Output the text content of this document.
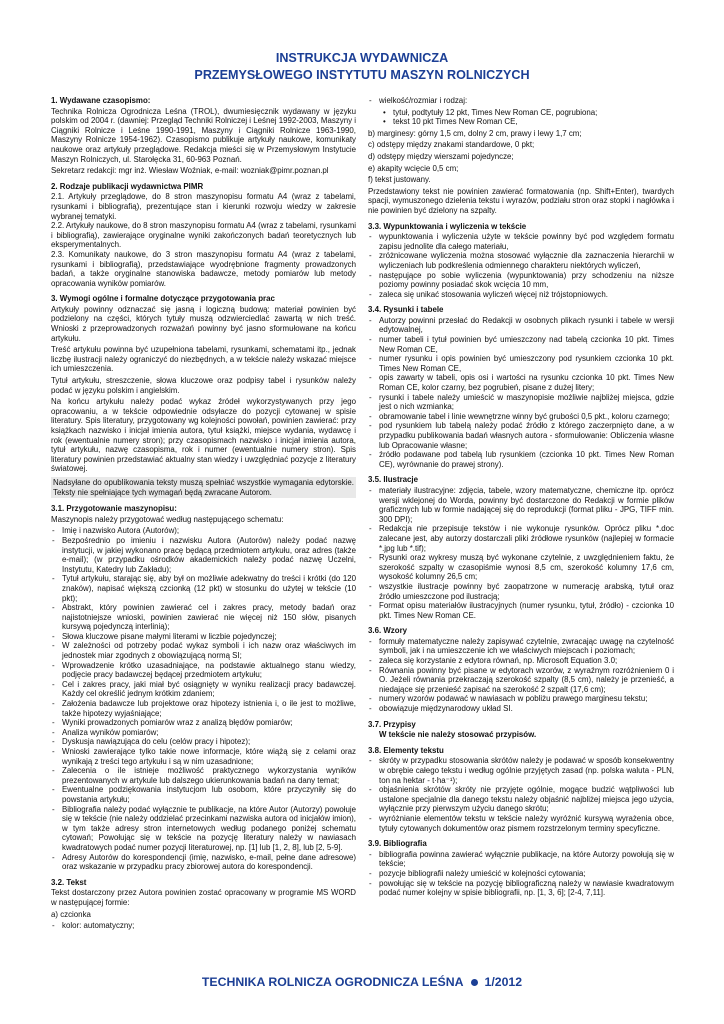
INSTRUKCJA WYDAWNICZA
PRZEMYSŁOWEGO INSTYTUTU MASZYN ROLNICZYCH
1. Wydawane czasopismo:

Technika Rolnicza Ogrodnicza Leśna (TROL), dwumiesięcznik wydawany w języku polskim od 2004 r. (dawniej: Przegląd Techniki Rolniczej i Leśnej 1992-2003, Maszyny i Ciągniki Rolnicze i Leśne 1990-1991, Maszyny i Ciągniki Rolnicze 1963-1990, Maszyny Rolnicze 1954-1962). Czasopismo publikuje artykuły naukowe, komunikaty naukowe oraz artykuły przeglądowe. Redakcja mieści się w Przemysłowym Instytucie Maszyn Rolniczych, ul. Starołęcka 31, 60-963 Poznań.

Sekretarz redakcji: mgr inż. Wiesław Woźniak, e-mail: wozniak@pimr.poznan.pl

2. Rodzaje publikacji wydawnictwa PIMR
2.1. Artykuły przeglądowe, do 8 stron maszynopisu formatu A4 (wraz z tabelami, rysunkami i bibliografią), prezentujące stan i kierunki rozwoju wiedzy w zakresie wybranej tematyki.
2.2. Artykuły naukowe, do 8 stron maszynopisu formatu A4 (wraz z tabelami, rysunkami i bibliografią), zawierające oryginalne wyniki zakończonych badań teoretycznych lub eksperymentalnych.
2.3. Komunikaty naukowe, do 3 stron maszynopisu formatu A4 (wraz z tabelami, rysunkami i bibliografią), przedstawiające wyodrębnione fragmenty prowadzonych badań, a także oryginalne stanowiska badawcze, metody pomiarów lub metody opracowania wyników pomiarów.
3. Wymogi ogólne i formalne dotyczące przygotowania prac

Artykuły powinny odznaczać się jasną i logiczną budową: materiał powinien być podzielony na części, których tytuły muszą odzwierciedlać zawartą w nich treść. Wnioski z przeprowadzonych rozważań powinny być jasno sformułowane na końcu artykułu.

Treść artykułu powinna być uzupełniona tabelami, rysunkami, schematami itp., jednak liczbę ilustracji należy ograniczyć do niezbędnych, a w tekście należy wskazać miejsce ich umieszczenia.

Tytuł artykułu, streszczenie, słowa kluczowe oraz podpisy tabel i rysunków należy podać w języku polskim i angielskim.

Na końcu artykułu należy podać wykaz źródeł wykorzystywanych przy jego opracowaniu, a w tekście odpowiednie odsyłacze do pozycji cytowanej w spisie literatury. Spis literatury, przygotowany wg kolejności powołań, powinien zawierać: przy książkach nazwisko i inicjał imienia autora, tytuł książki, miejsce wydania, wydawcę i rok (ewentualnie numery stron); przy czasopismach nazwisko i inicjał imienia autora, tytuł artykułu, nazwę czasopisma, rok i numer (ewentualnie numery stron). Spis literatury powinien przedstawiać aktualny stan wiedzy i uwzględniać pozycje z literatury światowej.

Nadsyłane do opublikowania teksty muszą spełniać wszystkie wymagania edytorskie. Teksty nie spełniające tych wymagań będą zwracane Autorom.
3.1. Przygotowanie maszynopisu:

Maszynopis należy przygotować według następującego schematu:

- Imię i nazwisko Autora (Autorów);
- Bezpośrednio po imieniu i nazwisku Autora (Autorów) należy podać nazwę instytucji, w jakiej wykonano pracę będącą przedmiotem artykułu, oraz adres (także e-mail); (w przypadku ośrodków akademickich należy podać nazwę Uczelni, Instytutu, Katedry lub Zakładu);
- Tytuł artykułu, starając się, aby był on możliwie adekwatny do treści i krótki (do 120 znaków), napisać większą czcionką (12 pkt) w stosunku do użytej w tekście (10 pkt);
- Abstrakt, który powinien zawierać cel i zakres pracy, metody badań oraz najistotniejsze wnioski, powinien zawierać nie więcej niż 150 słów, pisanych kursywą pojedynczą interlinią);
- Słowa kluczowe pisane małymi literami w liczbie pojedynczej;
- W zależności od potrzeby podać wykaz symboli i ich nazw oraz właściwych im jednostek miar zgodnych z obowiązującą normą SI;
- Wprowadzenie krótko uzasadniające, na podstawie aktualnego stanu wiedzy, podjęcie pracy badawczej będącej przedmiotem artykułu;
- Cel i zakres pracy, jaki miał być osiągnięty w wyniku realizacji pracy badawczej. Każdy cel określić jednym krótkim zdaniem;
- Założenia badawcze lub projektowe oraz hipotezy istnienia i, o ile jest to możliwe, także hipotezy wyjaśniające;
- Wyniki prowadzonych pomiarów wraz z analizą błędów pomiarów;
- Analiza wyników pomiarów;
- Dyskusja nawiązująca do celu (celów pracy i hipotez);
- Wnioski zawierające tylko takie nowe informacje, które wiążą się z celami oraz wynikają z treści tego artykułu i są w nim uzasadnione;
- Zalecenia o ile istnieje możliwość praktycznego wykorzystania wyników prezentowanych w artykule lub dalszego ukierunkowania badań na dany temat;
- Ewentualne podziękowania instytucjom lub osobom, które przyczyniły się do powstania artykułu;
- Bibliografia należy podać wyłącznie te publikacje, na które Autor (Autorzy) powołuje się w tekście (nie należy oddzielać przecinkami nazwiska autora od inicjałów imion), w tym także adresy stron internetowych według podanego poniżej schematu cytowań; Powołując się w tekście na pozycję literatury należy w nawiasach kwadratowych podać numer pozycji literaturowej, np. [1] lub [1, 2, 8], lub [2, 5-9].
- Adresy Autorów do korespondencji (imię, nazwisko, e-mail, pełne dane adresowe) oraz wskazanie w przypadku pracy zbiorowej autora do korespondencji.
3.2. Tekst

Tekst dostarczony przez Autora powinien zostać opracowany w programie MS WORD w następującej formie:

a) czcionka

- kolor: automatyczny;
- wielkość/rozmiar i rodzaj:
• tytuł, podtytuły 12 pkt, Times New Roman CE, pogrubiona;
• tekst 10 pkt Times New Roman CE,

b) marginesy: górny 1,5 cm, dolny 2 cm, prawy i lewy 1,7 cm;

c) odstępy między znakami standardowe, 0 pkt;

d) odstępy między wierszami pojedyncze;

e) akapity wcięcie 0,5 cm;

f) tekst justowany.

Przedstawiony tekst nie powinien zawierać formatowania (np. Shift+Enter), twardych spacji, wymuszonego dzielenia tekstu i wyrazów, podziału stron oraz stopki i nagłówka i nie powinien być dzielony na szpalty.

3.3. Wypunktowania i wyliczenia w tekście
- wypunktowania i wyliczenia użyte w tekście powinny być pod względem formatu zapisu jednolite dla całego materiału,
- zróżnicowane wyliczenia można stosować wyłącznie dla zaznaczenia hierarchii w wyliczeniach lub podkreślenia odmiennego charakteru niektórych wyliczeń,
- następujące po sobie wyliczenia (wypunktowania) przy schodzeniu na niższe poziomy powinny posiadać skok wcięcia 10 mm,
- zaleca się unikać stosowania wyliczeń więcej niż trójstopniowych.
3.4. Rysunki i tabele
- Autorzy powinni przesłać do Redakcji w osobnych plikach rysunki i tabele w wersji edytowalnej,
- numer tabeli i tytuł powinien być umieszczony nad tabelą czcionka 10 pkt. Times New Roman CE,
- numer rysunku i opis powinien być umieszczony pod rysunkiem czcionka 10 pkt. Times New Roman CE,
- opis zawarty w tabeli, opis osi i wartości na rysunku czcionka 10 pkt. Times New Roman CE, kolor czarny, bez pogrubień, pisane z dużej litery;
- rysunki i tabele należy umieścić w maszynopisie możliwie najbliżej miejsca, gdzie jest o nich wzmianka;
- obramowanie tabel i linie wewnętrzne winny być grubości 0,5 pkt., koloru czarnego;
- pod rysunkiem lub tabelą należy podać źródło z którego zaczerpnięto dane, a w przypadku publikowania badań własnych autora - sformułowanie: Obliczenia własne lub Opracowanie własne;
- źródło podawane pod tabelą lub rysunkiem (czcionka 10 pkt. Times New Roman CE), wyrównanie do prawej strony).
3.5. Ilustracje
- materiały ilustracyjne: zdjęcia, tabele, wzory matematyczne, chemiczne itp. oprócz wersji wklejonej do Worda, powinny być dostarczone do Redakcji w formie plików graficznych lub w formie nadającej się do reprodukcji (format pliku - JPG, TIFF min. 300 DPI);
- Redakcja nie przepisuje tekstów i nie wykonuje rysunków. Oprócz pliku *.doc zalecane jest, aby autorzy dostarczali pliki źródłowe rysunków (najlepiej w formacie *.jpg lub *.tif);
- Rysunki oraz wykresy muszą być wykonane czytelnie, z uwzględnieniem faktu, że szerokość szpalty w czasopiśmie wynosi 8,5 cm, szerokość kolumny 17,6 cm, wysokość kolumny 26,5 cm;
- wszystkie ilustracje powinny być zaopatrzone w numerację arabską, tytuł oraz źródło umieszczone pod ilustracją;
- Format opisu materiałów ilustracyjnych (numer rysunku, tytuł, źródło) - czcionka 10 pkt. Times New Roman CE.
3.6. Wzory
- formuły matematyczne należy zapisywać czytelnie, zwracając uwagę na czytelność symboli, jak i na umieszczenie ich we właściwych miejscach i poziomach;
- zaleca się korzystanie z edytora równań, np. Microsoft Equation 3.0;
- Równania powinny być pisane w edytorach wzorów, z wyraźnym rozróżnieniem 0 i O. Jeżeli równania przekraczają szerokość szpalty (8,5 cm), należy je przenieść, a niedające się przenieść zapisać na szerokość 2 szpalt (17,6 cm);
- numery wzorów podawać w nawiasach w pobliżu prawego marginesu tekstu;
- obowiązuje międzynarodowy układ SI.
3.7. Przypisy

W tekście nie należy stosować przypisów.

3.8. Elementy tekstu
- skróty w przypadku stosowania skrótów należy je podawać w sposób konsekwentny w obrębie całego tekstu i według ogólnie przyjętych zasad (np. polska waluta - PLN, ton na hektar - t·ha⁻¹);
- objaśnienia skrótów skróty nie przyjęte ogólnie, mogące budzić wątpliwości lub ustalone specjalnie dla danego tekstu należy objaśnić najbliżej miejsca jego użycia, wyłącznie przy pierwszym użyciu danego skrótu;
- wyróżnianie elementów tekstu w tekście należy wyróżnić kursywą wyrażenia obce, tytuły cytowanych dokumentów oraz pismem rozstrzelonym terminy specyficzne.
3.9. Bibliografia
- bibliografia powinna zawierać wyłącznie publikacje, na które Autorzy powołują się w tekście;
- pozycje bibliografii należy umieścić w kolejności cytowania;
- powołując się w tekście na pozycję bibliograficzną należy w nawiasie kwadratowym podać numer kolejny w spisie bibliografii, np. [1, 3, 6]; [2-4, 7,11].
TECHNIKA ROLNICZA OGRODNICZA LEŚNA 1/2012
